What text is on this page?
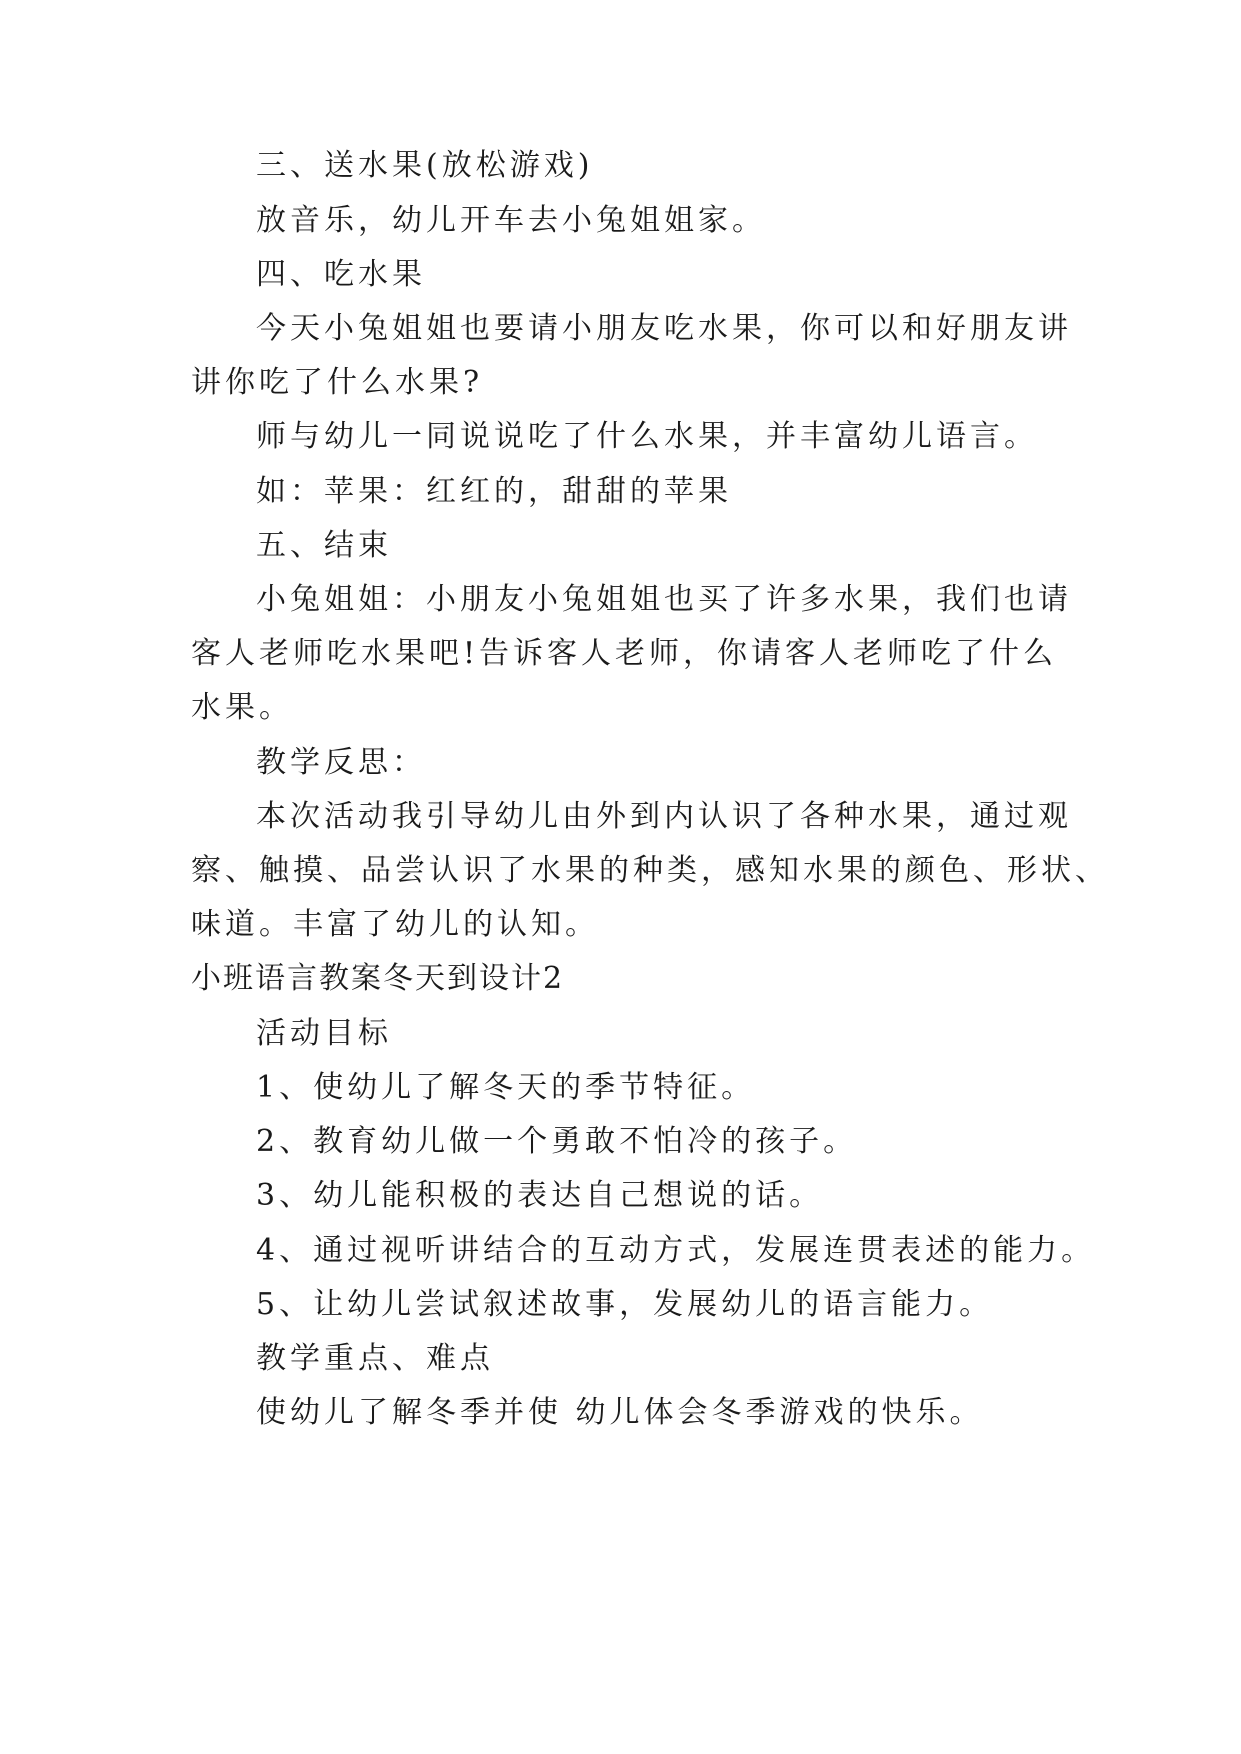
三、送水果(放松游戏)
放音乐，幼儿开车去小兔姐姐家。
四、吃水果
今天小兔姐姐也要请小朋友吃水果，你可以和好朋友讲
讲你吃了什么水果?
师与幼儿一同说说吃了什么水果，并丰富幼儿语言。
如：苹果：红红的，甜甜的苹果
五、结束
小兔姐姐：小朋友小兔姐姐也买了许多水果，我们也请
客人老师吃水果吧!告诉客人老师，你请客人老师吃了什么
水果。
教学反思：
本次活动我引导幼儿由外到内认识了各种水果，通过观
察、触摸、品尝认识了水果的种类，感知水果的颜色、形状、
味道。丰富了幼儿的认知。
小班语言教案冬天到设计2
活动目标
1、使幼儿了解冬天的季节特征。
2、教育幼儿做一个勇敢不怕冷的孩子。
3、幼儿能积极的表达自己想说的话。
4、通过视听讲结合的互动方式，发展连贯表述的能力。
5、让幼儿尝试叙述故事，发展幼儿的语言能力。
教学重点、难点
使幼儿了解冬季并使 幼儿体会冬季游戏的快乐。
